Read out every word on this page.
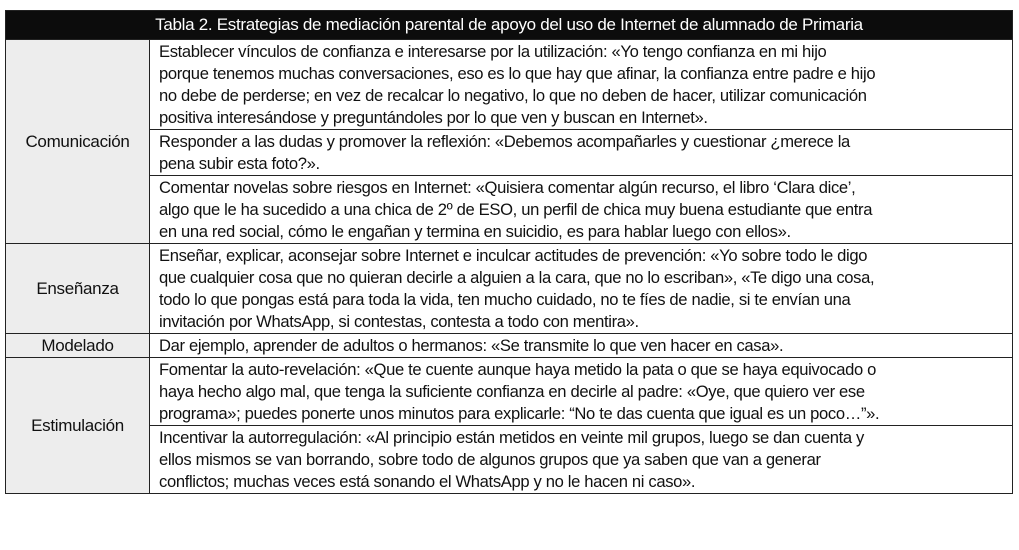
Tabla 2. Estrategias de mediación parental de apoyo del uso de Internet de alumnado de Primaria
Comunicación
Establecer vínculos de confianza e interesarse por la utilización: «Yo tengo confianza en mi hijo
porque tenemos muchas conversaciones, eso es lo que hay que afinar, la confianza entre padre e hijo
no debe de perderse; en vez de recalcar lo negativo, lo que no deben de hacer, utilizar comunicación
positiva interesándose y preguntándoles por lo que ven y buscan en Internet».
Responder a las dudas y promover la reflexión: «Debemos acompañarles y cuestionar ¿merece la
pena subir esta foto?».
Comentar novelas sobre riesgos en Internet: «Quisiera comentar algún recurso, el libro ‘Clara dice’,
algo que le ha sucedido a una chica de 2º de ESO, un perfil de chica muy buena estudiante que entra
en una red social, cómo le engañan y termina en suicidio, es para hablar luego con ellos».
Enseñanza
Enseñar, explicar, aconsejar sobre Internet e inculcar actitudes de prevención: «Yo sobre todo le digo
que cualquier cosa que no quieran decirle a alguien a la cara, que no lo escriban», «Te digo una cosa,
todo lo que pongas está para toda la vida, ten mucho cuidado, no te fíes de nadie, si te envían una
invitación por WhatsApp, si contestas, contesta a todo con mentira».
Modelado	Dar ejemplo, aprender de adultos o hermanos: «Se transmite lo que ven hacer en casa».
Estimulación
Fomentar la auto-revelación: «Que te cuente aunque haya metido la pata o que se haya equivocado o
haya hecho algo mal, que tenga la suficiente confianza en decirle al padre: «Oye, que quiero ver ese
programa»; puedes ponerte unos minutos para explicarle: “No te das cuenta que igual es un poco…”».
Incentivar la autorregulación: «Al principio están metidos en veinte mil grupos, luego se dan cuenta y
ellos mismos se van borrando, sobre todo de algunos grupos que ya saben que van a generar
conflictos; muchas veces está sonando el WhatsApp y no le hacen ni caso».
